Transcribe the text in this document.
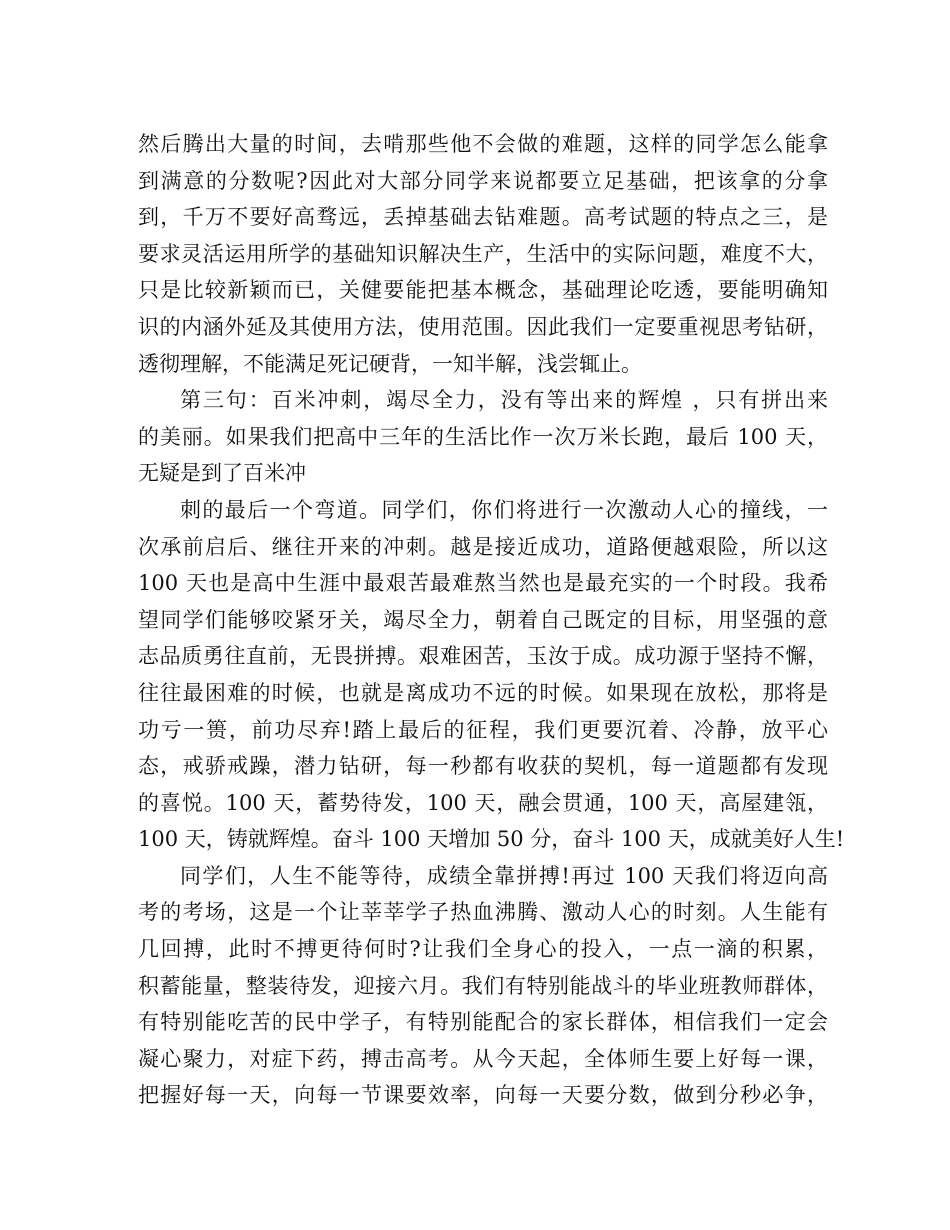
然后腾出大量的时间，去啃那些他不会做的难题，这样的同学怎么能拿
到满意的分数呢?因此对大部分同学来说都要立足基础，把该拿的分拿
到，千万不要好高骛远，丢掉基础去钻难题。高考试题的特点之三，是
要求灵活运用所学的基础知识解决生产，生活中的实际问题，难度不大，
只是比较新颖而已，关健要能把基本概念，基础理论吃透，要能明确知
识的内涵外延及其使用方法，使用范围。因此我们一定要重视思考钻研，
透彻理解，不能满足死记硬背，一知半解，浅尝辄止。
第三句：百米冲刺，竭尽全力，没有等出来的辉煌 ，只有拼出来
的美丽。如果我们把高中三年的生活比作一次万米长跑，最后 100 天，
无疑是到了百米冲
刺的最后一个弯道。同学们，你们将进行一次激动人心的撞线，一
次承前启后、继往开来的冲刺。越是接近成功，道路便越艰险，所以这
100 天也是高中生涯中最艰苦最难熬当然也是最充实的一个时段。我希
望同学们能够咬紧牙关，竭尽全力，朝着自己既定的目标，用坚强的意
志品质勇往直前，无畏拼搏。艰难困苦，玉汝于成。成功源于坚持不懈，
往往最困难的时候，也就是离成功不远的时候。如果现在放松，那将是
功亏一篑，前功尽弃!踏上最后的征程，我们更要沉着、冷静，放平心
态，戒骄戒躁，潜力钻研，每一秒都有收获的契机，每一道题都有发现
的喜悦。100 天，蓄势待发，100 天，融会贯通，100 天，高屋建瓴，
100 天，铸就辉煌。奋斗 100 天增加 50 分，奋斗 100 天，成就美好人生!
同学们，人生不能等待，成绩全靠拼搏!再过 100 天我们将迈向高
考的考场，这是一个让莘莘学子热血沸腾、激动人心的时刻。人生能有
几回搏，此时不搏更待何时?让我们全身心的投入，一点一滴的积累，
积蓄能量，整装待发，迎接六月。我们有特别能战斗的毕业班教师群体，
有特别能吃苦的民中学子，有特别能配合的家长群体，相信我们一定会
凝心聚力，对症下药，搏击高考。从今天起，全体师生要上好每一课，
把握好每一天，向每一节课要效率，向每一天要分数，做到分秒必争，
